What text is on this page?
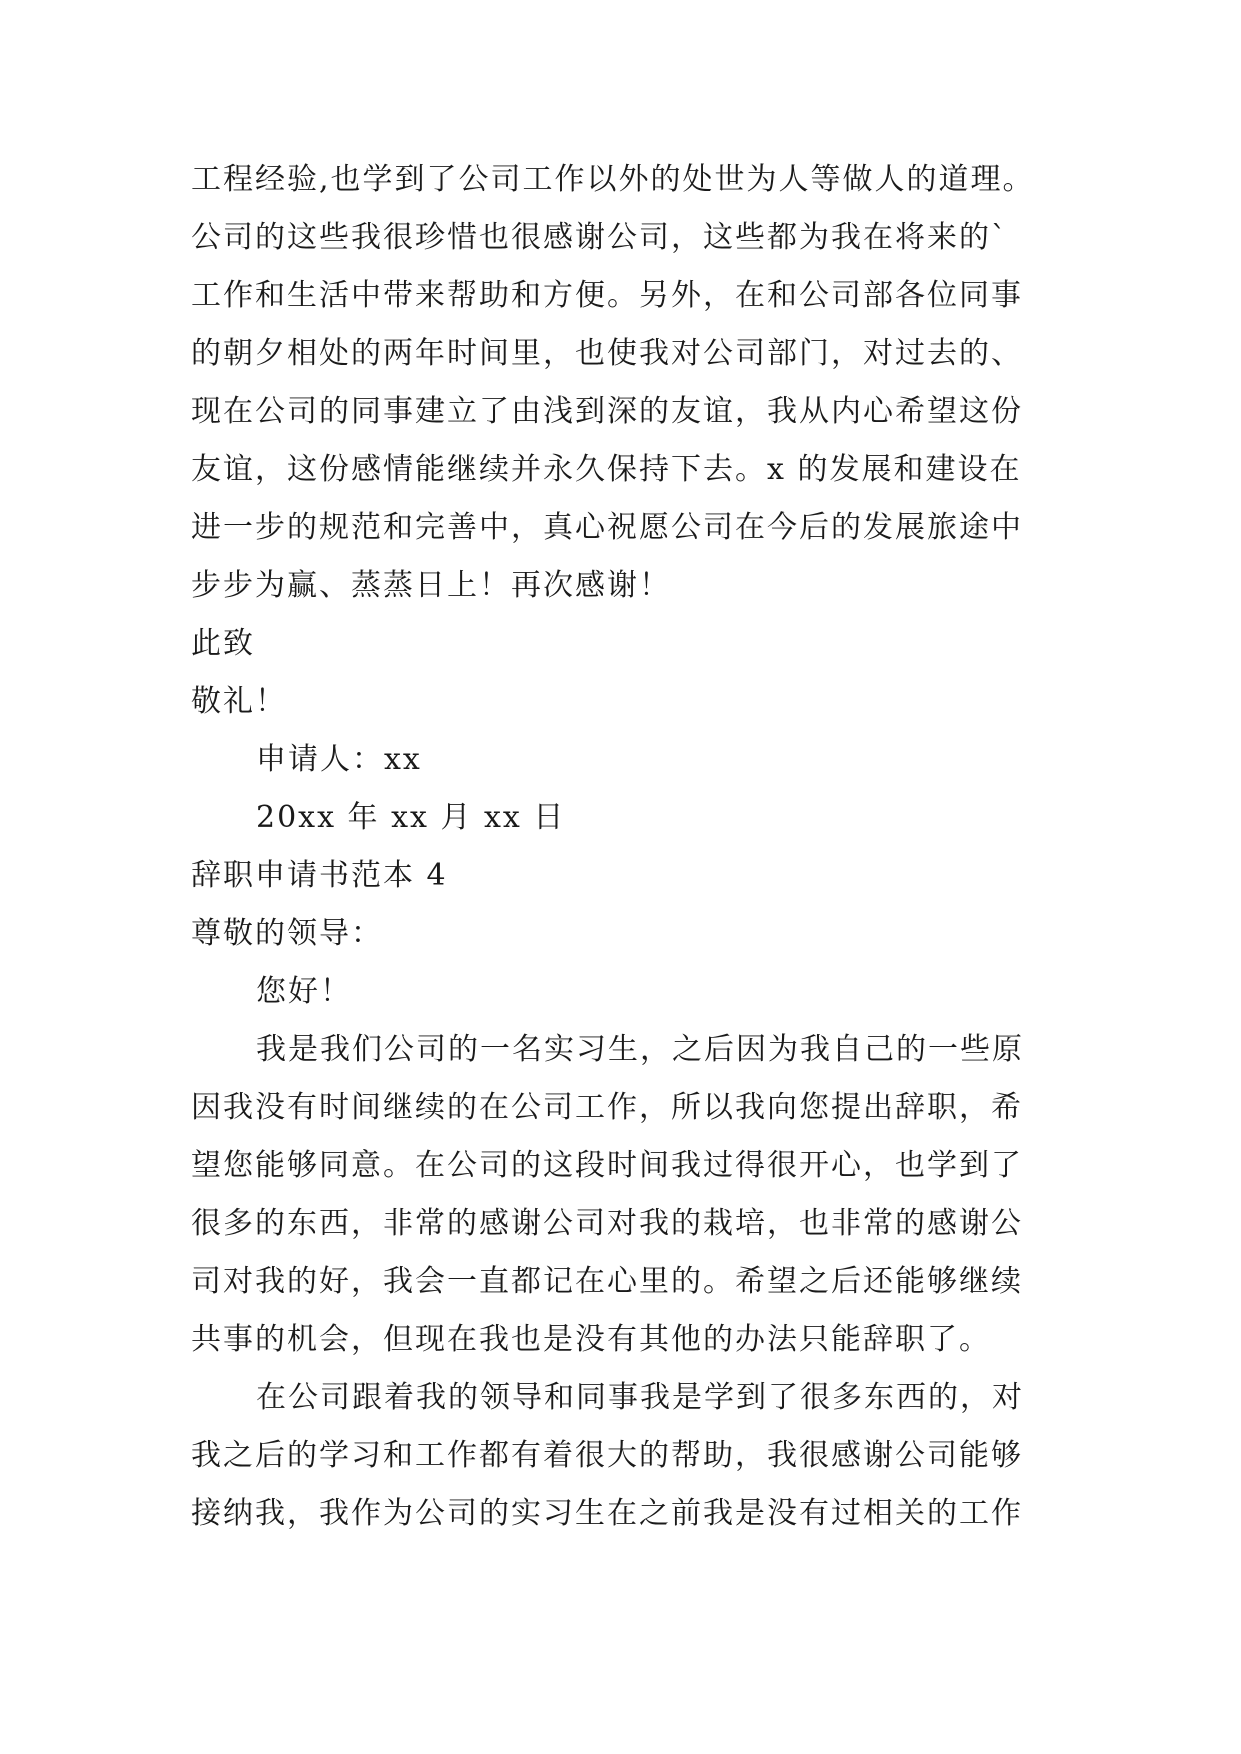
工程经验,也学到了公司工作以外的处世为人等做人的道理。
公司的这些我很珍惜也很感谢公司，这些都为我在将来的`
工作和生活中带来帮助和方便。另外，在和公司部各位同事
的朝夕相处的两年时间里，也使我对公司部门，对过去的、
现在公司的同事建立了由浅到深的友谊，我从内心希望这份
友谊，这份感情能继续并永久保持下去。x 的发展和建设在
进一步的规范和完善中，真心祝愿公司在今后的发展旅途中
步步为赢、蒸蒸日上！再次感谢！
此致
敬礼！
申请人：xx
20xx 年 xx 月 xx 日
辞职申请书范本 4
尊敬的领导：
您好！
我是我们公司的一名实习生，之后因为我自己的一些原
因我没有时间继续的在公司工作，所以我向您提出辞职，希
望您能够同意。在公司的这段时间我过得很开心，也学到了
很多的东西，非常的感谢公司对我的栽培，也非常的感谢公
司对我的好，我会一直都记在心里的。希望之后还能够继续
共事的机会，但现在我也是没有其他的办法只能辞职了。
在公司跟着我的领导和同事我是学到了很多东西的，对
我之后的学习和工作都有着很大的帮助，我很感谢公司能够
接纳我，我作为公司的实习生在之前我是没有过相关的工作
